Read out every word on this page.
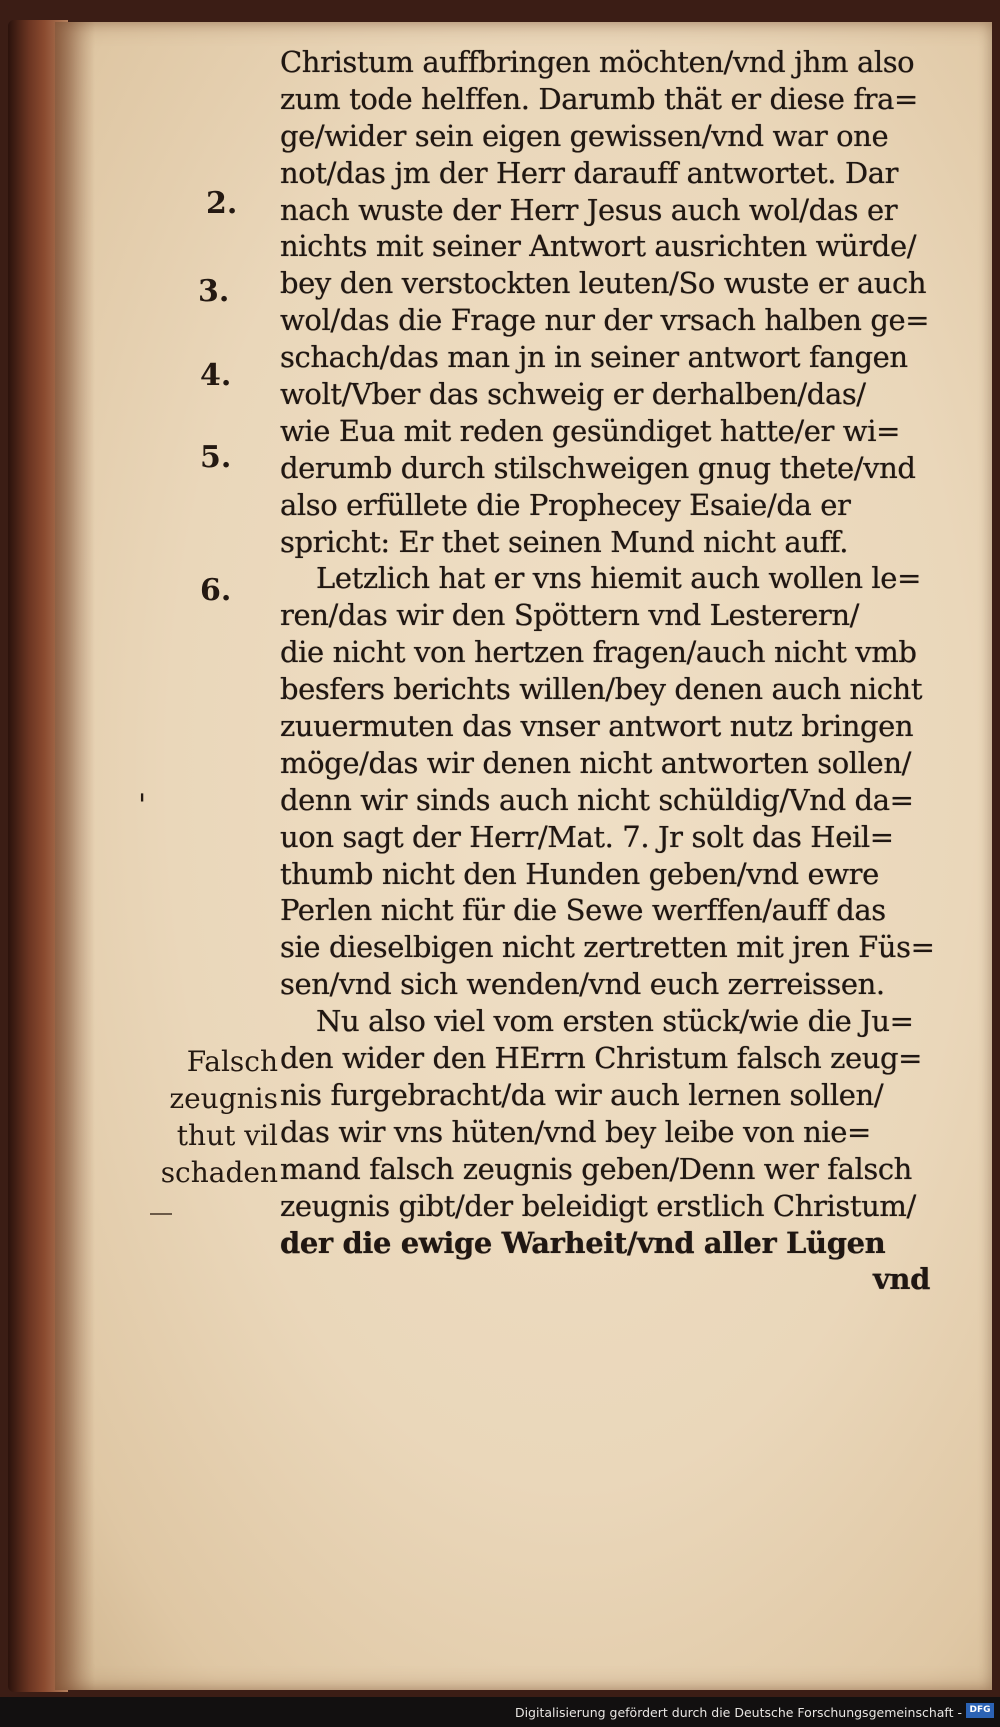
Christum auffbringen möchten/vnd jhm also
zum tode helffen. Darumb thät er diese fra=
ge/wider sein eigen gewissen/vnd war one
not/das jm der Herr darauff antwortet. Dar
nach wuste der Herr Jesus auch wol/das er
nichts mit seiner Antwort ausrichten würde/
bey den verstockten leuten/So wuste er auch
wol/das die Frage nur der vrsach halben ge=
schach/das man jn in seiner antwort fangen
wolt/Vber das schweig er derhalben/das/
wie Eua mit reden gesündiget hatte/er wi=
derumb durch stilschweigen gnug thete/vnd
also erfüllete die Prophecey Esaie/da er
spricht: Er thet seinen Mund nicht auff.
Letzlich hat er vns hiemit auch wollen le=
ren/das wir den Spöttern vnd Lesterern/
die nicht von hertzen fragen/auch nicht vmb
besfers berichts willen/bey denen auch nicht
zuuermuten das vnser antwort nutz bringen
möge/das wir denen nicht antworten sollen/
denn wir sinds auch nicht schüldig/Vnd da=
uon sagt der Herr/Mat. 7. Jr solt das Heil=
thumb nicht den Hunden geben/vnd ewre
Perlen nicht für die Sewe werffen/auff das
sie dieselbigen nicht zertretten mit jren Füs=
sen/vnd sich wenden/vnd euch zerreissen.
Nu also viel vom ersten stück/wie die Ju=
den wider den HErrn Christum falsch zeug=
nis furgebracht/da wir auch lernen sollen/
das wir vns hüten/vnd bey leibe von nie=
mand falsch zeugnis geben/Denn wer falsch
zeugnis gibt/der beleidigt erstlich Christum/
der die ewige Warheit/vnd aller Lügen
vnd
2.
3.
4.
5.
6.
'
Falsch
zeugnis
thut vil
schaden
Digitalisierung gefördert durch die Deutsche Forschungsgemeinschaft - DFG
